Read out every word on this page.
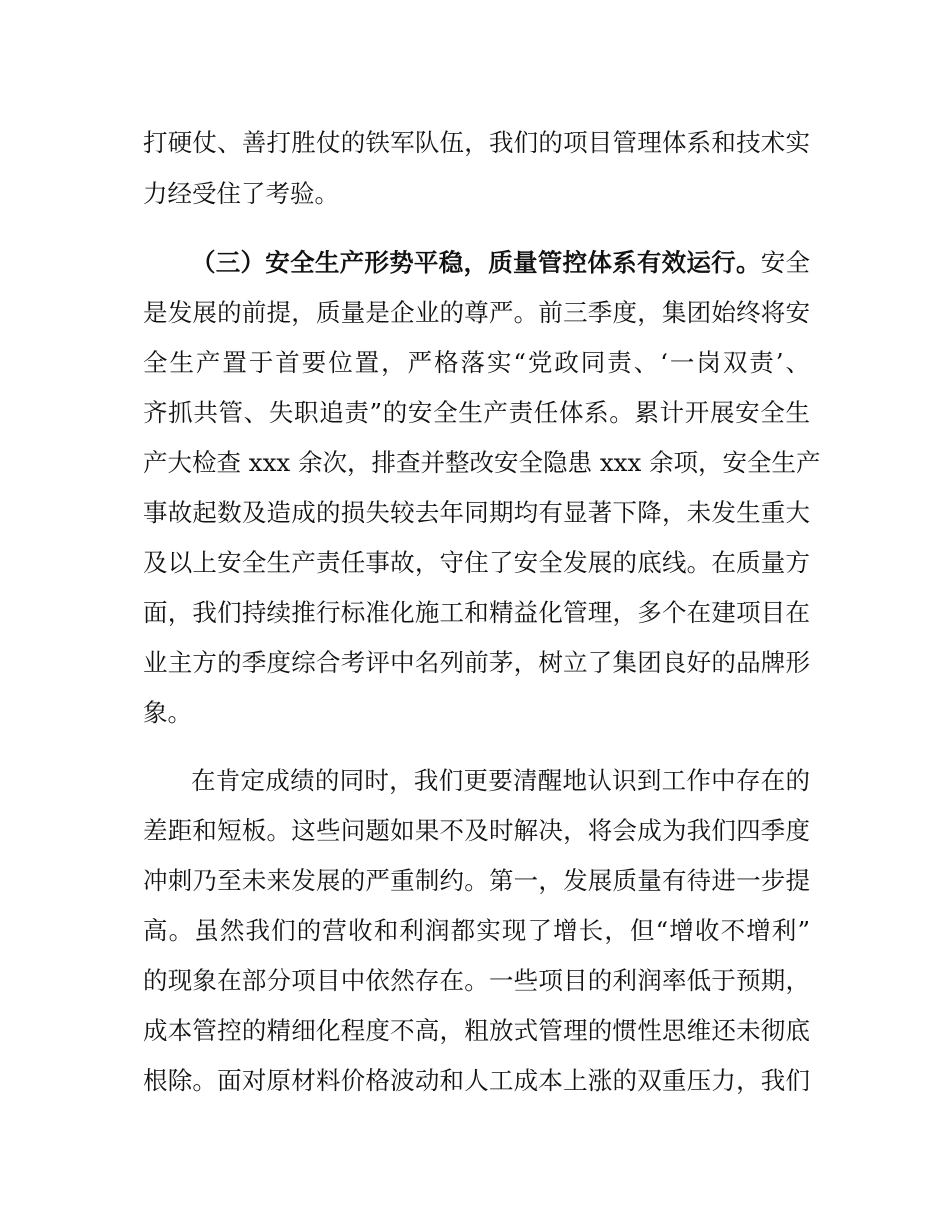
打硬仗、善打胜仗的铁军队伍，我们的项目管理体系和技术实
力经受住了考验。
（三）安全生产形势平稳，质量管控体系有效运行。安全
是发展的前提，质量是企业的尊严。前三季度，集团始终将安
全生产置于首要位置，严格落实“党政同责、‘一岗双责’、
齐抓共管、失职追责”的安全生产责任体系。累计开展安全生
产大检查 xxx 余次，排查并整改安全隐患 xxx 余项，安全生产
事故起数及造成的损失较去年同期均有显著下降，未发生重大
及以上安全生产责任事故，守住了安全发展的底线。在质量方
面，我们持续推行标准化施工和精益化管理，多个在建项目在
业主方的季度综合考评中名列前茅，树立了集团良好的品牌形
象。
在肯定成绩的同时，我们更要清醒地认识到工作中存在的
差距和短板。这些问题如果不及时解决，将会成为我们四季度
冲刺乃至未来发展的严重制约。第一，发展质量有待进一步提
高。虽然我们的营收和利润都实现了增长，但“增收不增利”
的现象在部分项目中依然存在。一些项目的利润率低于预期，
成本管控的精细化程度不高，粗放式管理的惯性思维还未彻底
根除。面对原材料价格波动和人工成本上涨的双重压力，我们
